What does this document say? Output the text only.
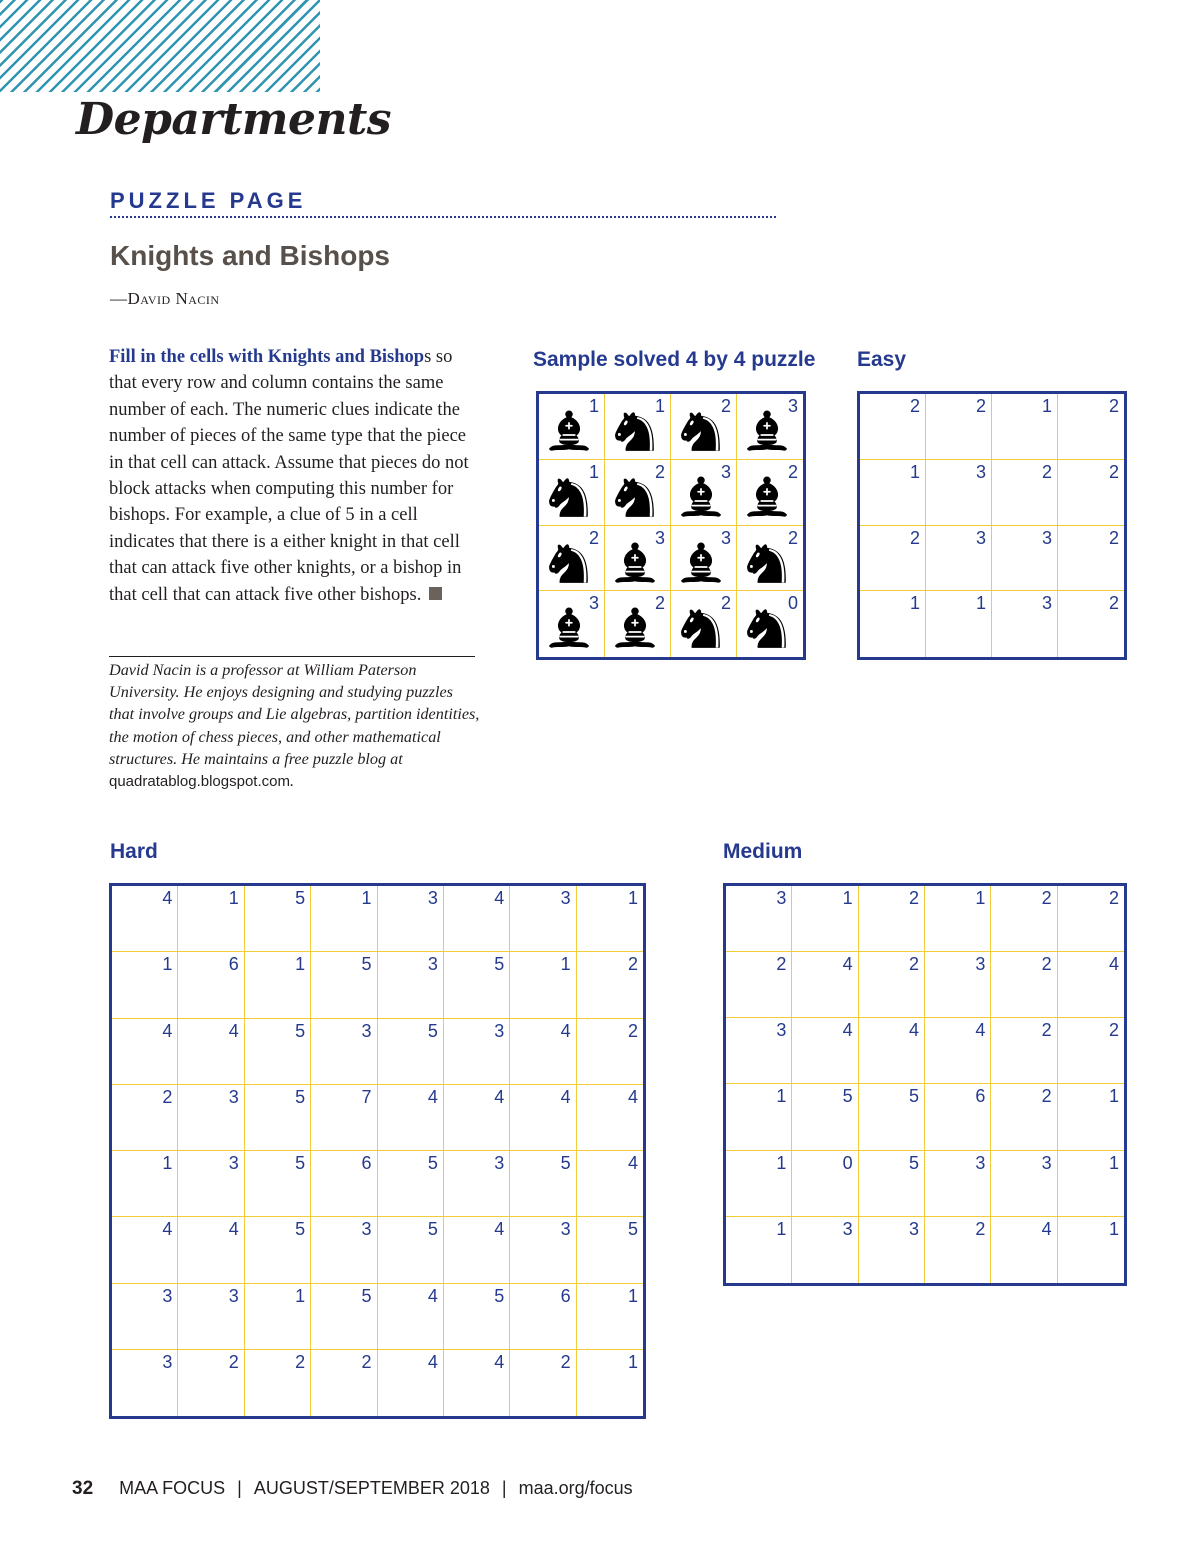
Departments
PUZZLE PAGE
Knights and Bishops
—David Nacin
Fill in the cells with Knights and Bishops so that every row and column contains the same number of each. The numeric clues indicate the number of pieces of the same type that the piece in that cell can attack. Assume that pieces do not block attacks when computing this number for bishops. For example, a clue of 5 in a cell indicates that there is a either knight in that cell that can attack five other knights, or a bishop in that cell that can attack five other bishops.
David Nacin is a professor at William Paterson University. He enjoys designing and studying puzzles that involve groups and Lie algebras, partition identities, the motion of chess pieces, and other mathematical structures. He maintains a free puzzle blog at quadratablog.blogspot.com.
Sample solved 4 by 4 puzzle
1	1	2	3
1	2	3	2
2	3	3	2
3	2	2	0
Easy
2	2	1	2
1	3	2	2
2	3	3	2
1	1	3	2
Hard
4	1	5	1	3	4	3	1
1	6	1	5	3	5	1	2
4	4	5	3	5	3	4	2
2	3	5	7	4	4	4	4
1	3	5	6	5	3	5	4
4	4	5	3	5	4	3	5
3	3	1	5	4	5	6	1
3	2	2	2	4	4	2	1
Medium
3	1	2	1	2	2
2	4	2	3	2	4
3	4	4	4	2	2
1	5	5	6	2	1
1	0	5	3	3	1
1	3	3	2	4	1
32 MAA FOCUS | AUGUST/SEPTEMBER 2018 | maa.org/focus
